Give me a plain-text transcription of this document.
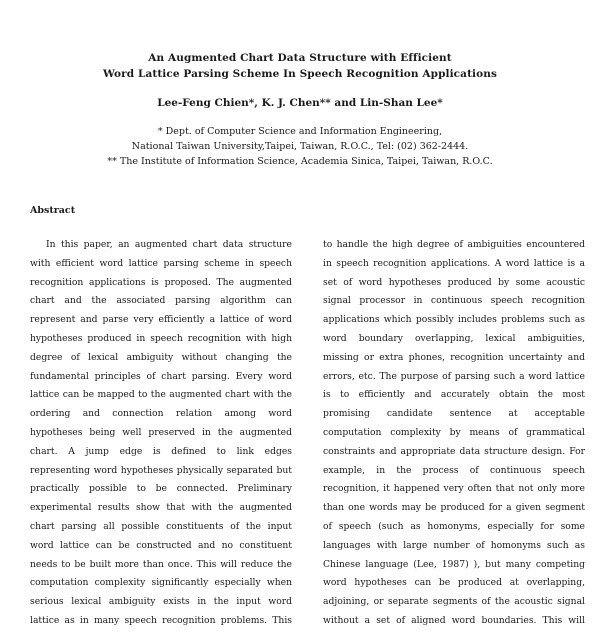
An Augmented Chart Data Structure with Efficient
Word Lattice Parsing Scheme In Speech Recognition Applications
Lee-Feng Chien*, K. J. Chen** and Lin-Shan Lee*
* Dept. of Computer Science and Information Engineering,
National Taiwan University,Taipei, Taiwan, R.O.C., Tel: (02) 362-2444.
** The Institute of Information Science, Academia Sinica, Taipei, Taiwan, R.O.C.
Abstract
In this paper, an augmented chart data structure
with efficient word lattice parsing scheme in speech
recognition applications is proposed. The augmented
chart and the associated parsing algorithm can
represent and parse very efficiently a lattice of word
hypotheses produced in speech recognition with high
degree of lexical ambiguity without changing the
fundamental principles of chart parsing. Every word
lattice can be mapped to the augmented chart with the
ordering and connection relation among word
hypotheses being well preserved in the augmented
chart. A jump edge is defined to link edges
representing word hypotheses physically separated but
practically possible to be connected. Preliminary
experimental results show that with the augmented
chart parsing all possible constituents of the input
word lattice can be constructed and no constituent
needs to be built more than once. This will reduce the
computation complexity significantly especially when
serious lexical ambiguity exists in the input word
lattice as in many speech recognition problems. This
to handle the high degree of ambiguities encountered
in speech recognition applications. A word lattice is a
set of word hypotheses produced by some acoustic
signal processor in continuous speech recognition
applications which possibly includes problems such as
word boundary overlapping, lexical ambiguities,
missing or extra phones, recognition uncertainty and
errors, etc. The purpose of parsing such a word lattice
is to efficiently and accurately obtain the most
promising candidate sentence at acceptable
computation complexity by means of grammatical
constraints and appropriate data structure design. For
example, in the process of continuous speech
recognition, it happened very often that not only more
than one words may be produced for a given segment
of speech (such as homonyms, especially for some
languages with large number of homonyms such as
Chinese language (Lee, 1987) ), but many competing
word hypotheses can be produced at overlapping,
adjoining, or separate segments of the acoustic signal
without a set of aligned word boundaries. This will
